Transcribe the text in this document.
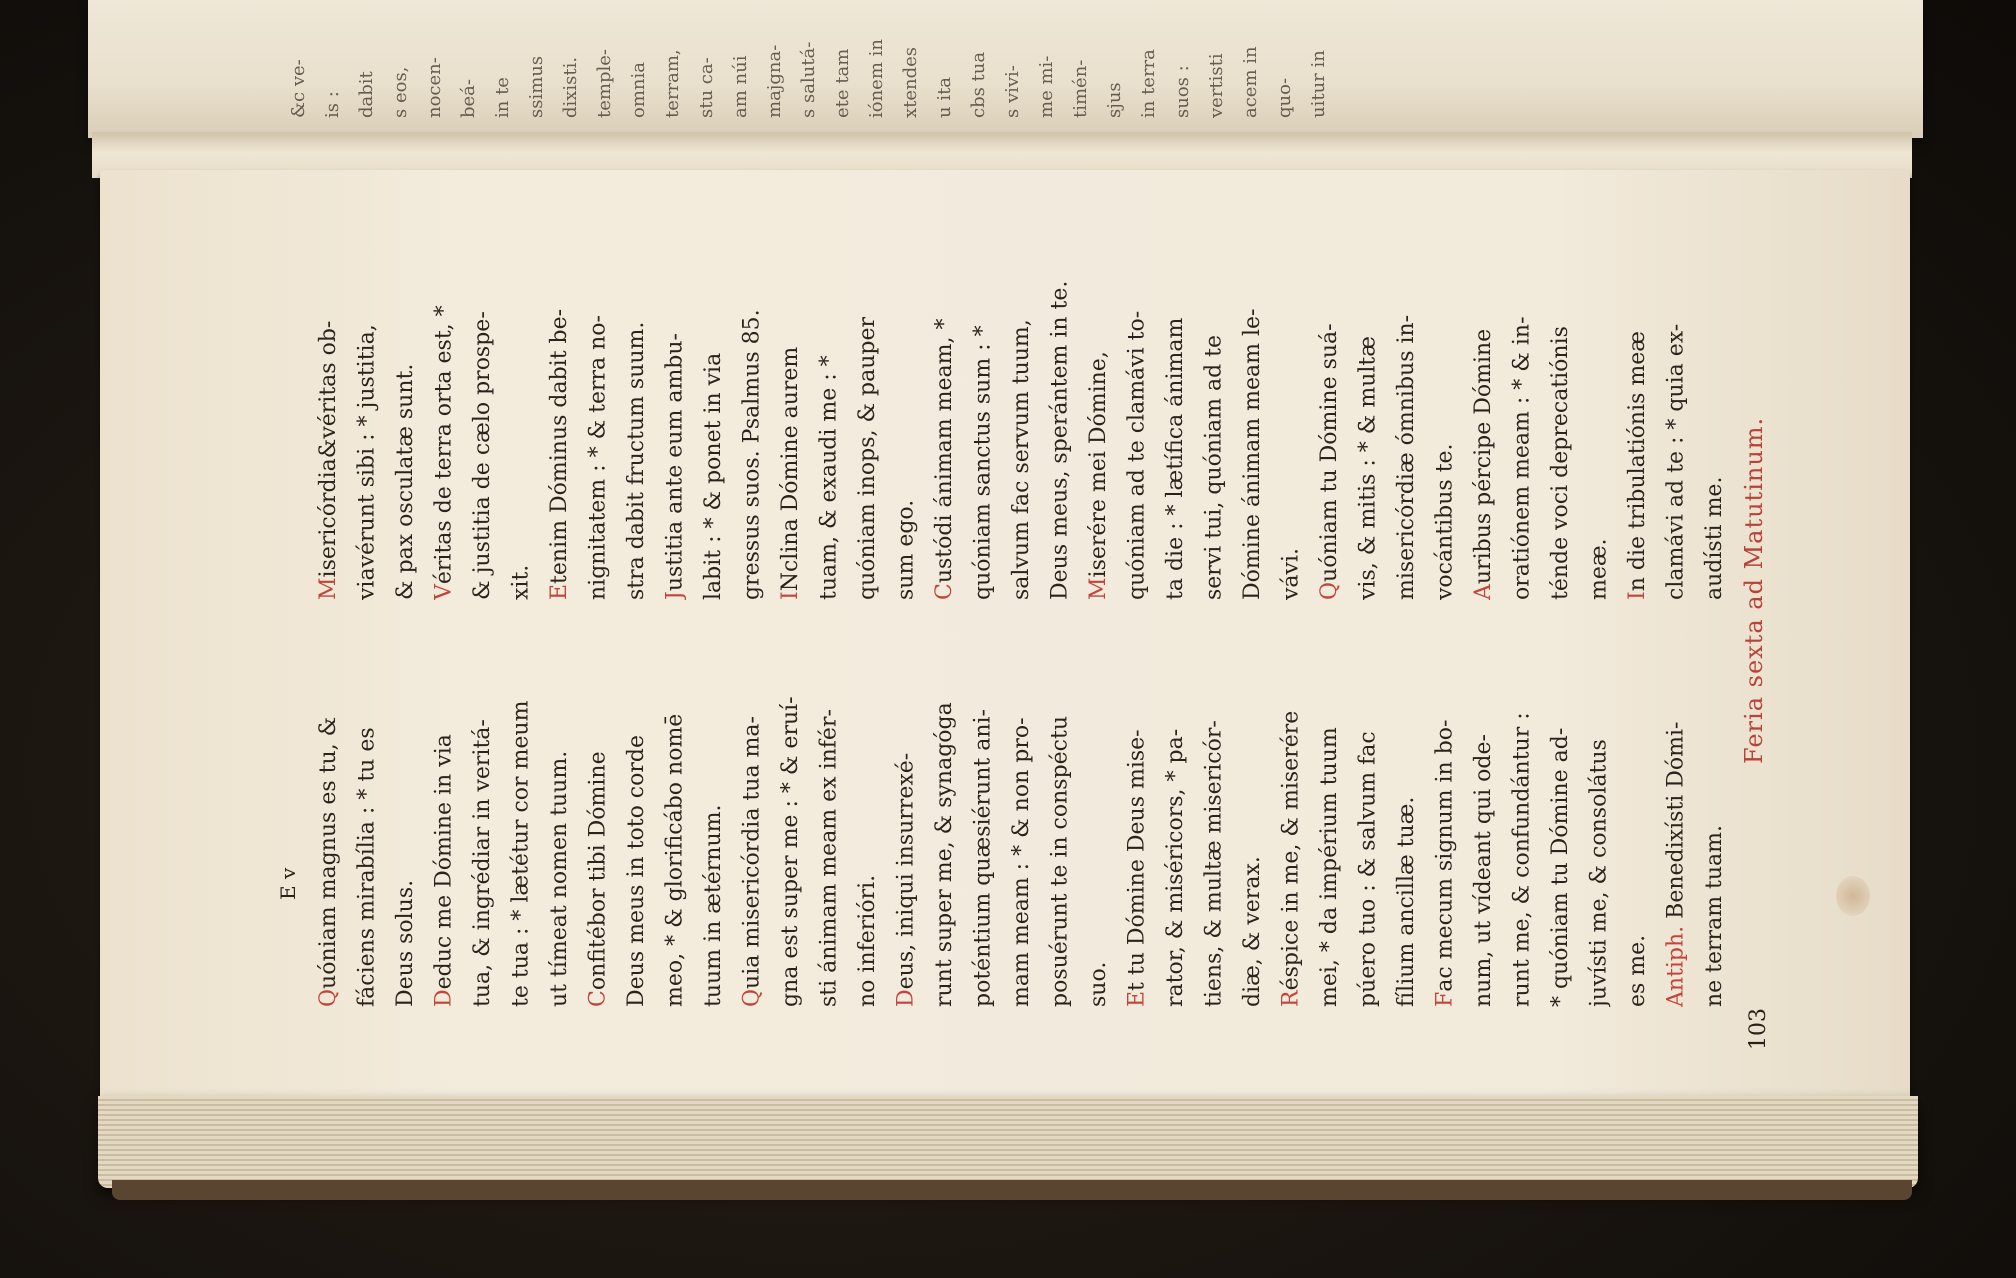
&c ve- is : dabit s eos, nocen- beá- in te ssimus dixisti. temple- omnia terram, stu ca- am núi majgna- s salutá- ete tam iónem in xtendes u ita cbs tua s vivi- me mi- timén- sjus in terra suos : vertisti acem in quo- uitur in
Feria sexta ad Matutinum.
103
E v
Quóniam magnus es tu, & fáciens mirabília : * tu es Deus solus. Deduc me Dómine in via tua, & ingrédiar in veritá- te tua : * lætétur cor meum ut tímeat nomen tuum. Confitébor tibi Dómine Deus meus in toto corde meo, * & glorificábo nomē tuum in ætérnum. Quia misericórdia tua ma- gna est super me : * & eruí- sti ánimam meam ex infér- no inferióri. Deus, iniqui insurrexé- runt super me, & synagóga poténtium quæsiérunt ani- mam meam : * & non pro- posuérunt te in conspéctu suo. Et tu Dómine Deus mise- rator, & miséricors, * pa- tiens, & multæ misericór- diæ, & verax. Réspice in me, & miserére mei, * da impérium tuum púero tuo : & salvum fac fílium ancillæ tuæ. Fac mecum signum in bo- num, ut vídeant qui ode- runt me, & confundántur : * quóniam tu Dómine ad- juvísti me, & consolátus es me. Antiph. Benedixísti Dómi- ne terram tuam.
Misericórdia&véritas ob- viavérunt sibi : * justitia, & pax osculatæ sunt. Véritas de terra orta est, * & justitia de cælo prospe- xit. Etenim Dóminus dabit be- nignitatem : * & terra no- stra dabit fructum suum. Justitia ante eum ambu- labit : * & ponet in via gressus suos. Psalmus 85. INclina Dómine aurem tuam, & exaudi me : * quóniam inops, & pauper sum ego. Custódi ánimam meam, * quóniam sanctus sum : * salvum fac servum tuum, Deus meus, sperántem in te. Miserére mei Dómine, quóniam ad te clamávi to- ta die : * lætífica ánimam servi tui, quóniam ad te Dómine ánimam meam le- vávi. Quóniam tu Dómine suá- vis, & mitis : * & multæ misericórdiæ ómnibus in- vocántibus te. Auribus pércipe Dómine oratiónem meam : * & in- ténde voci deprecatiónis meæ. In die tribulatiónis meæ clamávi ad te : * quia ex- audísti me.
